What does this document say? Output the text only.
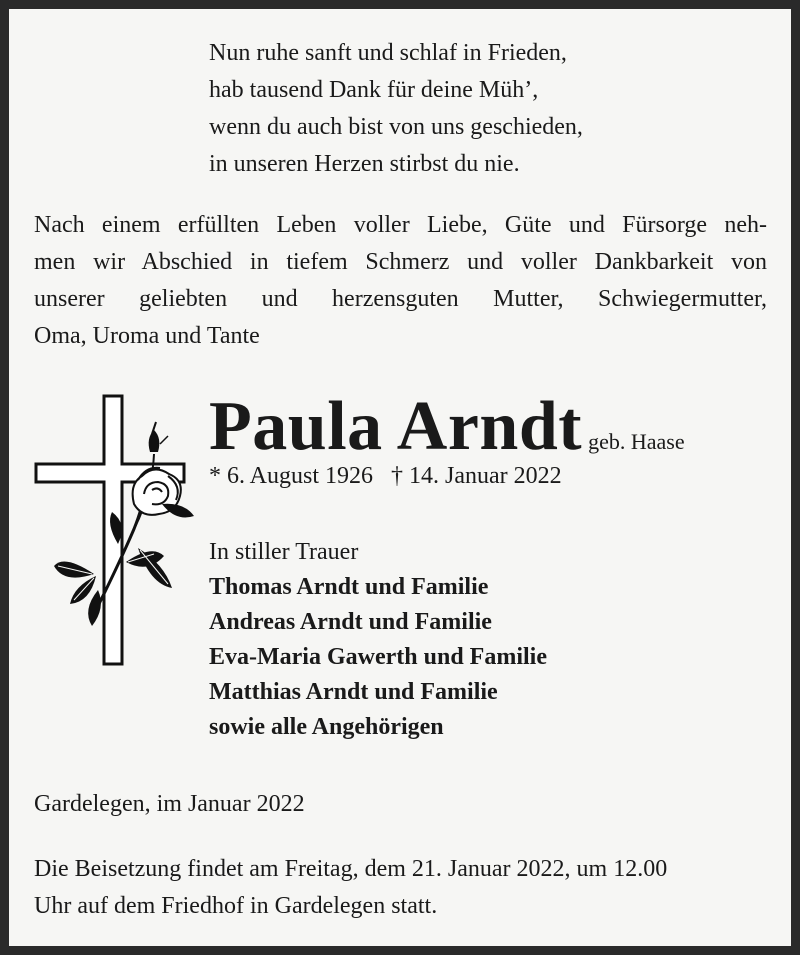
Nun ruhe sanft und schlaf in Frieden,
hab tausend Dank für deine Müh’,
wenn du auch bist von uns geschieden,
in unseren Herzen stirbst du nie.
Nach einem erfüllten Leben voller Liebe, Güte und Fürsorge neh-
men wir Abschied in tiefem Schmerz und voller Dankbarkeit von
unserer geliebten und herzensguten Mutter, Schwiegermutter,
Oma, Uroma und Tante
Paula Arndt geb. Haase
* 6. August 1926 † 14. Januar 2022
In stiller Trauer
Thomas Arndt und Familie
Andreas Arndt und Familie
Eva-Maria Gawerth und Familie
Matthias Arndt und Familie
sowie alle Angehörigen
Gardelegen, im Januar 2022
Die Beisetzung findet am Freitag, dem 21. Januar 2022, um 12.00
Uhr auf dem Friedhof in Gardelegen statt.
